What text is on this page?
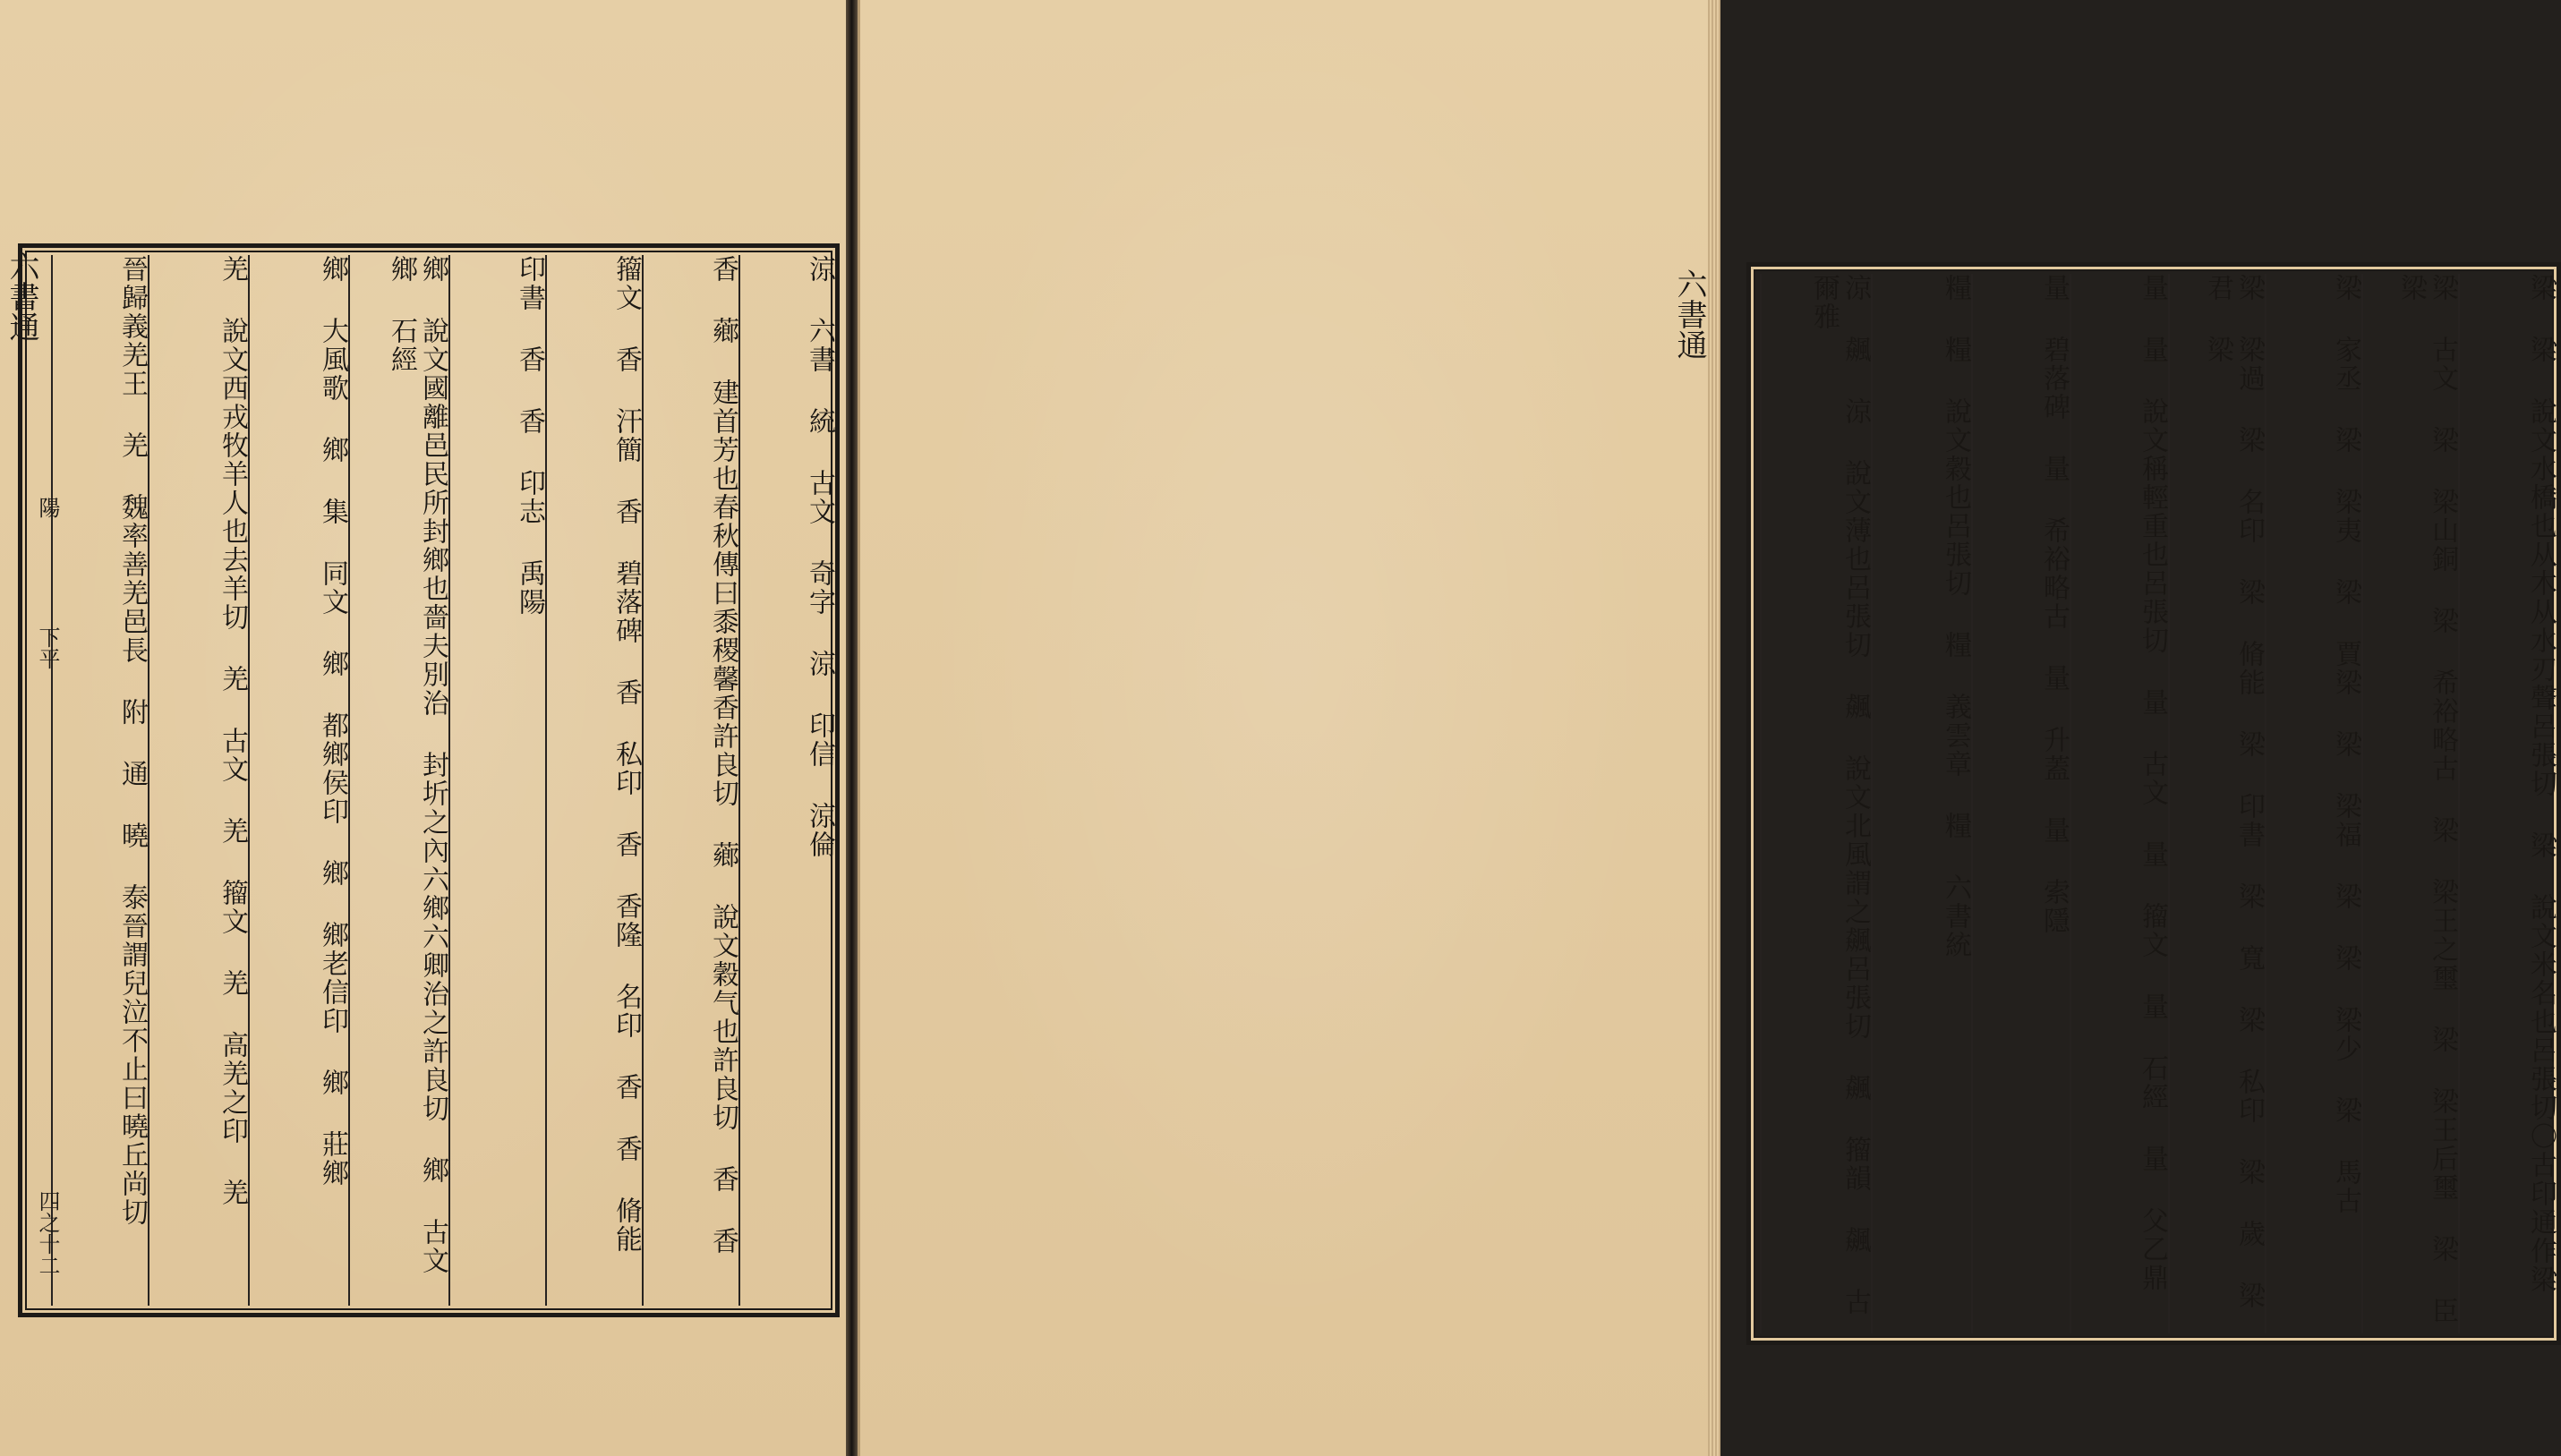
涼 六書 統 古文 奇字 涼 印信 涼倫
香 薌 建首芳也春秋傳曰黍稷馨香許良切 薌 說文穀气也許良切 香 香
籀文 香 汗簡 香 碧落碑 香 私印 香 香隆 名印 香 香 脩能
印書 香 香 印志 禹陽
鄉 說文國離邑民所封鄉也嗇夫別治 封圻之內六鄉六卿治之許良切 鄉 古文 鄉 石經
鄉 大風歌 鄉 集 同文 鄉 都鄉侯印 鄉 鄉老信印 鄉 莊鄉
羌 說文西戎牧羊人也去羊切 羌 古文 羌 籀文 羌 高羌之印 羌
晉歸義羌王 羌 魏率善羌邑長 附 通 曉 泰晉謂兒泣不止曰曉丘尚切
六書通
陽
下平
四之十二	梁 梁 說文水橋也从木从水刃聲呂張切 梁 說文米名也呂張切〇古印通作梁
梁 古文 梁 梁山銅 梁 希裕略古 梁 梁王之璽 梁 梁王后璽 梁 臣梁
梁 家丞 梁 梁夷 梁 賈梁 梁 梁福 梁 梁 梁少 梁 馬古
梁 梁過 梁 名印 梁 脩能 梁 印書 梁 寬 梁 私印 梁 歲 梁 君 梁
量 量 說文稱輕重也呂張切 量 古文 量 籀文 量 石經 量 父乙鼎
量 碧落碑 量 希裕略古 量 升蓋 量 索隱
糧 糧 說文穀也呂張切 糧 義雲章 糧 六書統
涼 飆 涼 說文薄也呂張切 飆 說文北風謂之飆呂張切 飆 籀韻 飆 古爾雅
六書通
